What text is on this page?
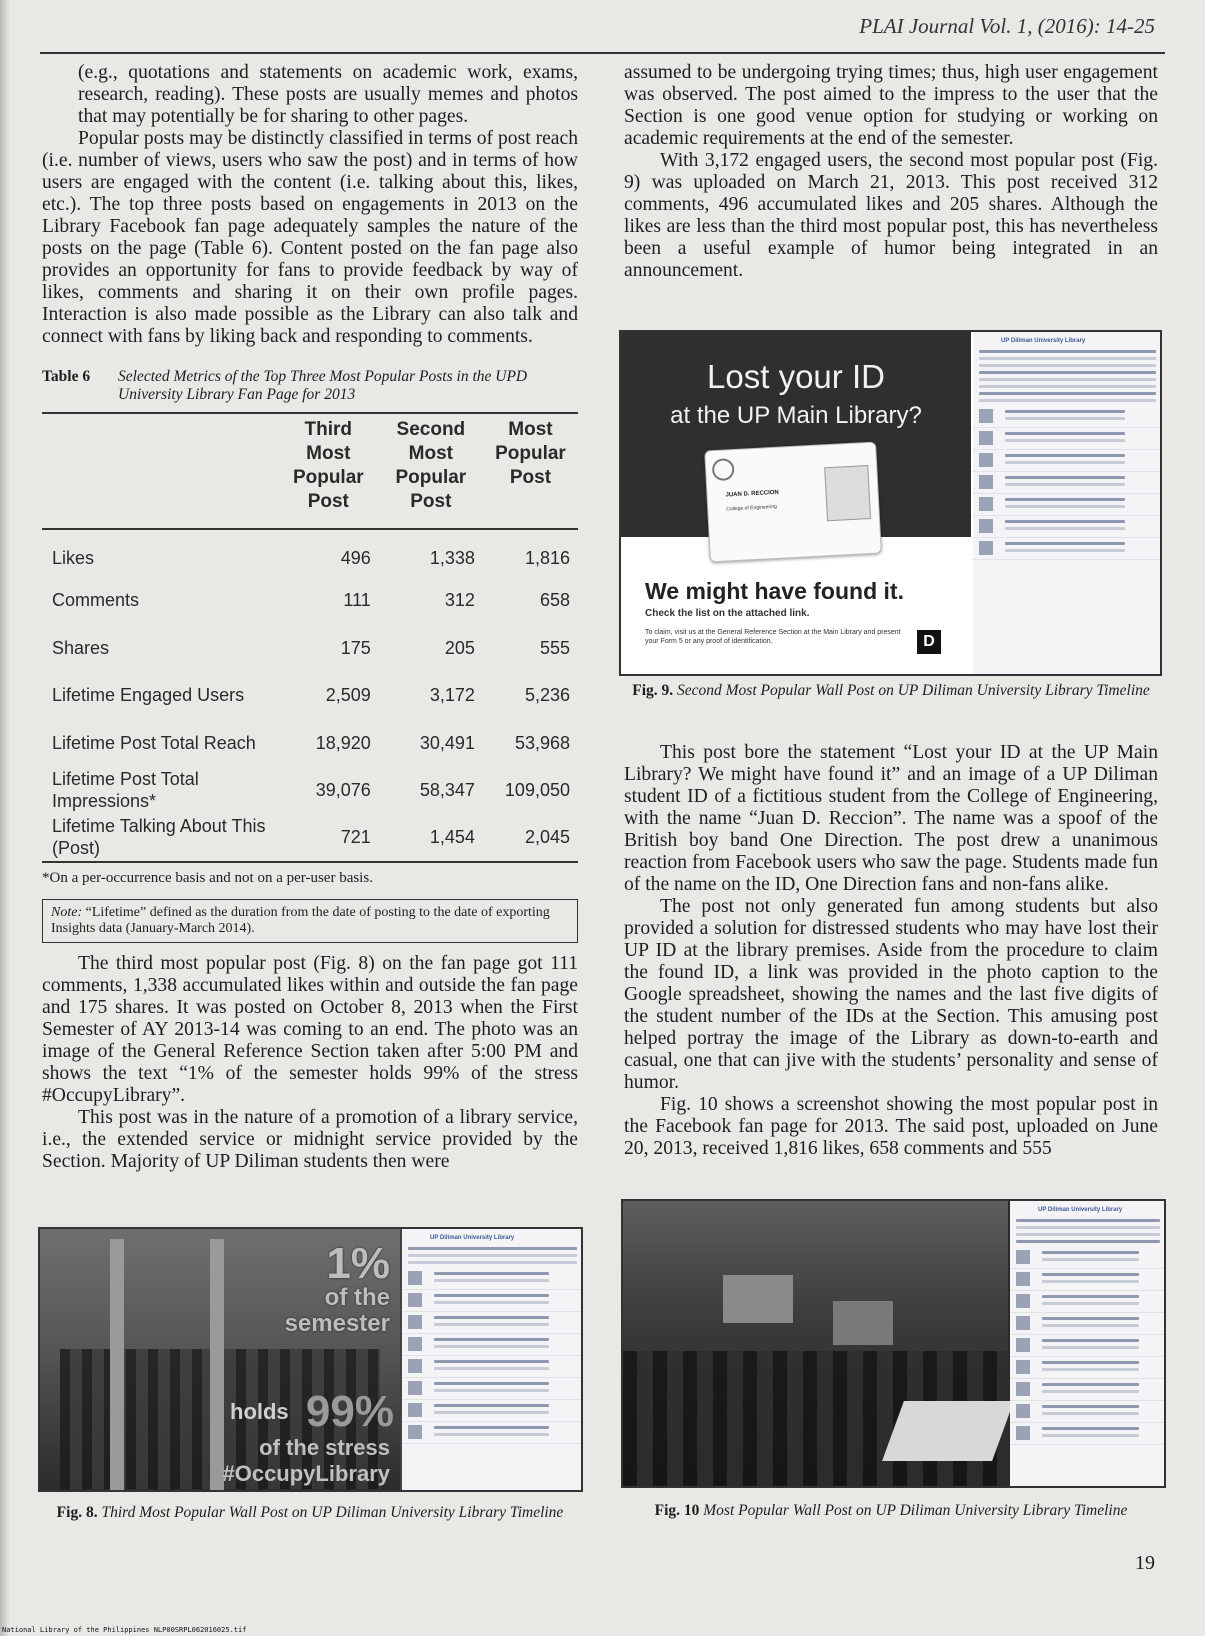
PLAI Journal Vol. 1, (2016): 14-25

(e.g., quotations and statements on academic work, exams, research, reading). These posts are usually memes and photos that may potentially be for sharing to other pages.

Popular posts may be distinctly classified in terms of post reach (i.e. number of views, users who saw the post) and in terms of how users are engaged with the content (i.e. talking about this, likes, etc.). The top three posts based on engagements in 2013 on the Library Facebook fan page adequately samples the nature of the posts on the page (Table 6). Content posted on the fan page also provides an opportunity for fans to provide feedback by way of likes, comments and sharing it on their own profile pages. Interaction is also made possible as the Library can also talk and connect with fans by liking back and responding to comments.

Table 6	Selected Metrics of the Top Three Most Popular Posts in the UPD University Library Fan Page for 2013
	Third Most Popular Post	Second Most Popular Post	Most Popular Post
Likes	496	1,338	1,816
Comments	111	312	658
Shares	175	205	555
Lifetime Engaged Users	2,509	3,172	5,236
Lifetime Post Total Reach	18,920	30,491	53,968
Lifetime Post Total Impressions*	39,076	58,347	109,050
Lifetime Talking About This (Post)	721	1,454	2,045
*On a per-occurrence basis and not on a per-user basis.
Note: “Lifetime” defined as the duration from the date of posting to the date of exporting Insights data (January-March 2014).

The third most popular post (Fig. 8) on the fan page got 111 comments, 1,338 accumulated likes within and outside the fan page and 175 shares. It was posted on October 8, 2013 when the First Semester of AY 2013-14 was coming to an end. The photo was an image of the General Reference Section taken after 5:00 PM and shows the text “1% of the semester holds 99% of the stress #OccupyLibrary”.

This post was in the nature of a promotion of a library service, i.e., the extended service or midnight service provided by the Section. Majority of UP Diliman students then were

assumed to be undergoing trying times; thus, high user engagement was observed. The post aimed to the impress to the user that the Section is one good venue option for studying or working on academic requirements at the end of the semester.

With 3,172 engaged users, the second most popular post (Fig. 9) was uploaded on March 21, 2013. This post received 312 comments, 496 accumulated likes and 205 shares. Although the likes are less than the third most popular post, this has nevertheless been a useful example of humor being integrated in an announcement.

This post bore the statement “Lost your ID at the UP Main Library? We might have found it” and an image of a UP Diliman student ID of a fictitious student from the College of Engineering, with the name “Juan D. Reccion”. The name was a spoof of the British boy band One Direction. The post drew a unanimous reaction from Facebook users who saw the page. Students made fun of the name on the ID, One Direction fans and non-fans alike.

The post not only generated fun among students but also provided a solution for distressed students who may have lost their UP ID at the library premises. Aside from the procedure to claim the found ID, a link was provided in the photo caption to the Google spreadsheet, showing the names and the last five digits of the student number of the IDs at the Section. This amusing post helped portray the image of the Library as down-to-earth and casual, one that can jive with the students’ personality and sense of humor.

Fig. 10 shows a screenshot showing the most popular post in the Facebook fan page for 2013. The said post, uploaded on June 20, 2013, received 1,816 likes, 658 comments and 555

Lost your ID
at the UP Main Library?
JUAN D. RECCION
College of Engineering
We might have found it.
Check the list on the attached link.
To claim, visit us at the General Reference Section at the Main Library and present your Form 5 or any proof of identification.	D
UP Diliman University Library
Fig. 9. Second Most Popular Wall Post on UP Diliman University Library Timeline
1%
of the
semester
holds 99%
of the stress
#OccupyLibrary
UP Diliman University Library
Fig. 8. Third Most Popular Wall Post on UP Diliman University Library Timeline
UP Diliman University Library
Fig. 10 Most Popular Wall Post on UP Diliman University Library Timeline
19
National Library of the Philippines NLP00SRPL062016025.tif
